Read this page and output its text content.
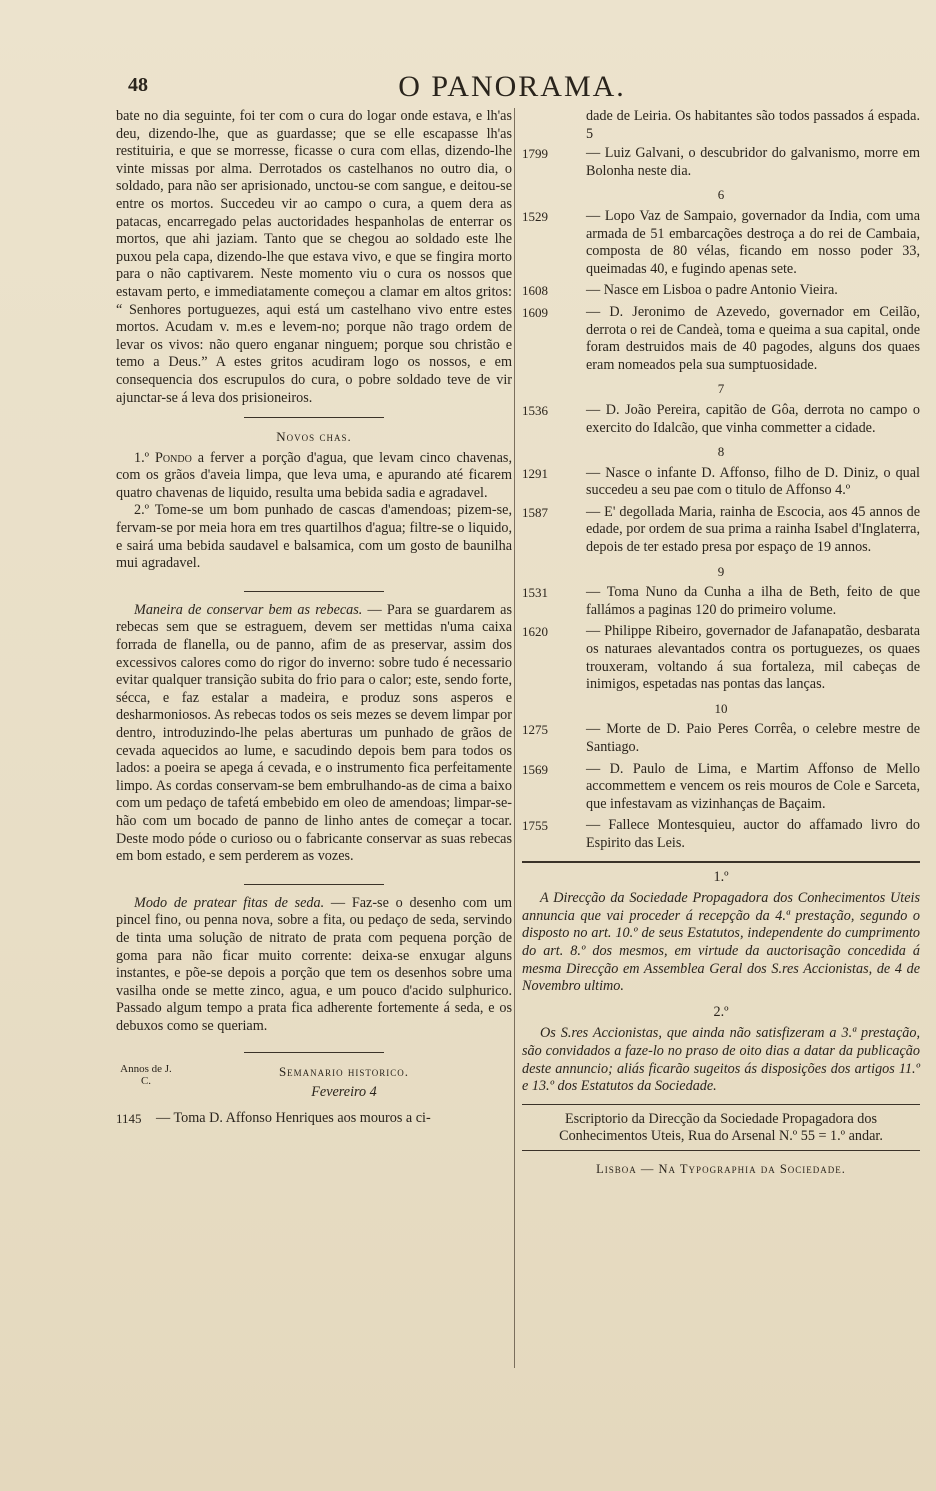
48	O PANORAMA.

bate no dia seguinte, foi ter com o cura do logar onde estava, e lh'as deu, dizendo-lhe, que as guardasse; que se elle escapasse lh'as restituiria, e que se morresse, ficasse o cura com ellas, dizendo-lhe vinte missas por alma. Derrotados os castelhanos no outro dia, o soldado, para não ser aprisionado, unctou-se com sangue, e deitou-se entre os mortos. Succedeu vir ao campo o cura, a quem dera as patacas, encarregado pelas auctoridades hespanholas de enterrar os mortos, que ahi jaziam. Tanto que se chegou ao soldado este lhe puxou pela capa, dizendo-lhe que estava vivo, e que se fingira morto para o não captivarem. Neste momento viu o cura os nossos que estavam perto, e immediatamente começou a clamar em altos gritos: “ Senhores portuguezes, aqui está um castelhano vivo entre estes mortos. Acudam v. m.es e levem-no; porque não trago ordem de levar os vivos: não quero enganar ninguem; porque sou christão e temo a Deus.” A estes gritos acudiram logo os nossos, e em consequencia dos escrupulos do cura, o pobre soldado teve de vir ajunctar-se á leva dos prisioneiros.

Novos chas.

1.º Pondo a ferver a porção d'agua, que levam cinco chavenas, com os grãos d'aveia limpa, que leva uma, e apurando até ficarem quatro chavenas de liquido, resulta uma bebida sadia e agradavel.

2.º Tome-se um bom punhado de cascas d'amendoas; pizem-se, fervam-se por meia hora em tres quartilhos d'agua; filtre-se o liquido, e sairá uma bebida saudavel e balsamica, com um gosto de baunilha mui agradavel.

Maneira de conservar bem as rebecas. — Para se guardarem as rebecas sem que se estraguem, devem ser mettidas n'uma caixa forrada de flanella, ou de panno, afim de as preservar, assim dos excessivos calores como do rigor do inverno: sobre tudo é necessario evitar qualquer transição subita do frio para o calor; este, sendo forte, sécca, e faz estalar a madeira, e produz sons asperos e desharmoniosos. As rebecas todos os seis mezes se devem limpar por dentro, introduzindo-lhe pelas aberturas um punhado de grãos de cevada aquecidos ao lume, e sacudindo depois bem para todos os lados: a poeira se apega á cevada, e o instrumento fica perfeitamente limpo. As cordas conservam-se bem embrulhando-as de cima a baixo com um pedaço de tafetá embebido em oleo de amendoas; limpar-se-hão com um bocado de panno de linho antes de começar a tocar. Deste modo póde o curioso ou o fabricante conservar as suas rebecas em bom estado, e sem perderem as vozes.

Modo de pratear fitas de seda. — Faz-se o desenho com um pincel fino, ou penna nova, sobre a fita, ou pedaço de seda, servindo de tinta uma solução de nitrato de prata com pequena porção de goma para não ficar muito corrente: deixa-se enxugar alguns instantes, e põe-se depois a porção que tem os desenhos sobre uma vasilha onde se mette zinco, agua, e um pouco d'acido sulphurico. Passado algum tempo a prata fica adherente fortemente á seda, e os debuxos como se queriam.

Annos de J. C.
Semanario historico.
Fevereiro 4
1145	— Toma D. Affonso Henriques aos mouros a ci-

dade de Leiria. Os habitantes são todos passados á espada. 5

1799	— Luiz Galvani, o descubridor do galvanismo, morre em Bolonha neste dia.
6
1529	— Lopo Vaz de Sampaio, governador da India, com uma armada de 51 embarcações destroça a do rei de Cambaia, composta de 80 vélas, ficando em nosso poder 33, queimadas 40, e fugindo apenas sete.
1608	— Nasce em Lisboa o padre Antonio Vieira.
1609	— D. Jeronimo de Azevedo, governador em Ceilão, derrota o rei de Candeà, toma e queima a sua capital, onde foram destruidos mais de 40 pagodes, alguns dos quaes eram nomeados pela sua sumptuosidade.
7
1536	— D. João Pereira, capitão de Gôa, derrota no campo o exercito do Idalcão, que vinha commetter a cidade.
8
1291	— Nasce o infante D. Affonso, filho de D. Diniz, o qual succedeu a seu pae com o titulo de Affonso 4.º
1587	— E' degollada Maria, rainha de Escocia, aos 45 annos de edade, por ordem de sua prima a rainha Isabel d'Inglaterra, depois de ter estado presa por espaço de 19 annos.
9
1531	— Toma Nuno da Cunha a ilha de Beth, feito de que fallámos a paginas 120 do primeiro volume.
1620	— Philippe Ribeiro, governador de Jafanapatão, desbarata os naturaes alevantados contra os portuguezes, os quaes trouxeram, voltando á sua fortaleza, mil cabeças de inimigos, espetadas nas pontas das lanças.
10
1275	— Morte de D. Paio Peres Corrêa, o celebre mestre de Santiago.
1569	— D. Paulo de Lima, e Martim Affonso de Mello accommettem e vencem os reis mouros de Cole e Sarceta, que infestavam as vizinhanças de Baçaim.
1755	— Fallece Montesquieu, auctor do affamado livro do Espirito das Leis.
1.º

A Direcção da Sociedade Propagadora dos Conhecimentos Uteis annuncia que vai proceder á recepção da 4.ª prestação, segundo o disposto no art. 10.º de seus Estatutos, independente do cumprimento do art. 8.º dos mesmos, em virtude da auctorisação concedida á mesma Direcção em Assemblea Geral dos S.res Accionistas, de 4 de Novembro ultimo.

2.º

Os S.res Accionistas, que ainda não satisfizeram a 3.ª prestação, são convidados a faze-lo no praso de oito dias a datar da publicação deste annuncio; aliás ficarão sugeitos ás disposições dos artigos 11.º e 13.º dos Estatutos da Sociedade.

Escriptorio da Direcção da Sociedade Propagadora dos Conhecimentos Uteis, Rua do Arsenal N.º 55 = 1.º andar.
Lisboa — Na Typographia da Sociedade.
